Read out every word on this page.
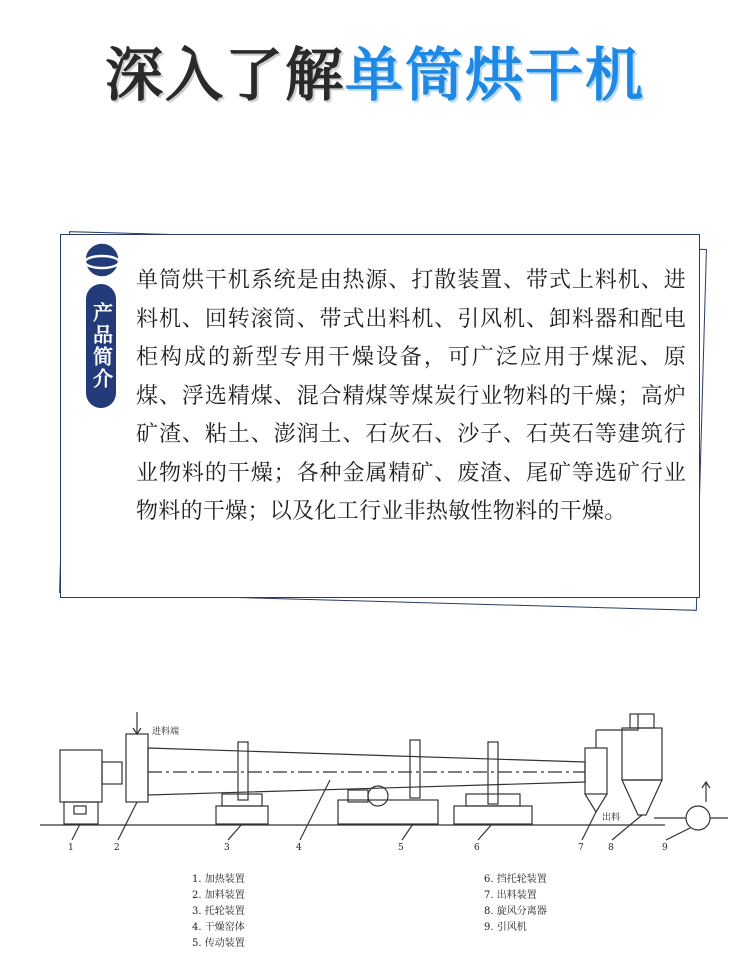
深入了解单筒烘干机
产品简介
单筒烘干机系统是由热源、打散装置、带式上料机、进料机、回转滚筒、带式出料机、引风机、卸料器和配电柜构成的新型专用干燥设备，可广泛应用于煤泥、原煤、浮选精煤、混合精煤等煤炭行业物料的干燥；高炉矿渣、粘土、澎润土、石灰石、沙子、石英石等建筑行业物料的干燥；各种金属精矿、废渣、尾矿等选矿行业物料的干燥；以及化工行业非热敏性物料的干燥。
进料端
出料
1	2	3	4	5	6	7	8	9
1. 加热装置
2. 加料装置
3. 托轮装置
4. 干燥窑体
5. 传动装置
6. 挡托轮装置
7. 出料装置
8. 旋风分离器
9. 引风机
